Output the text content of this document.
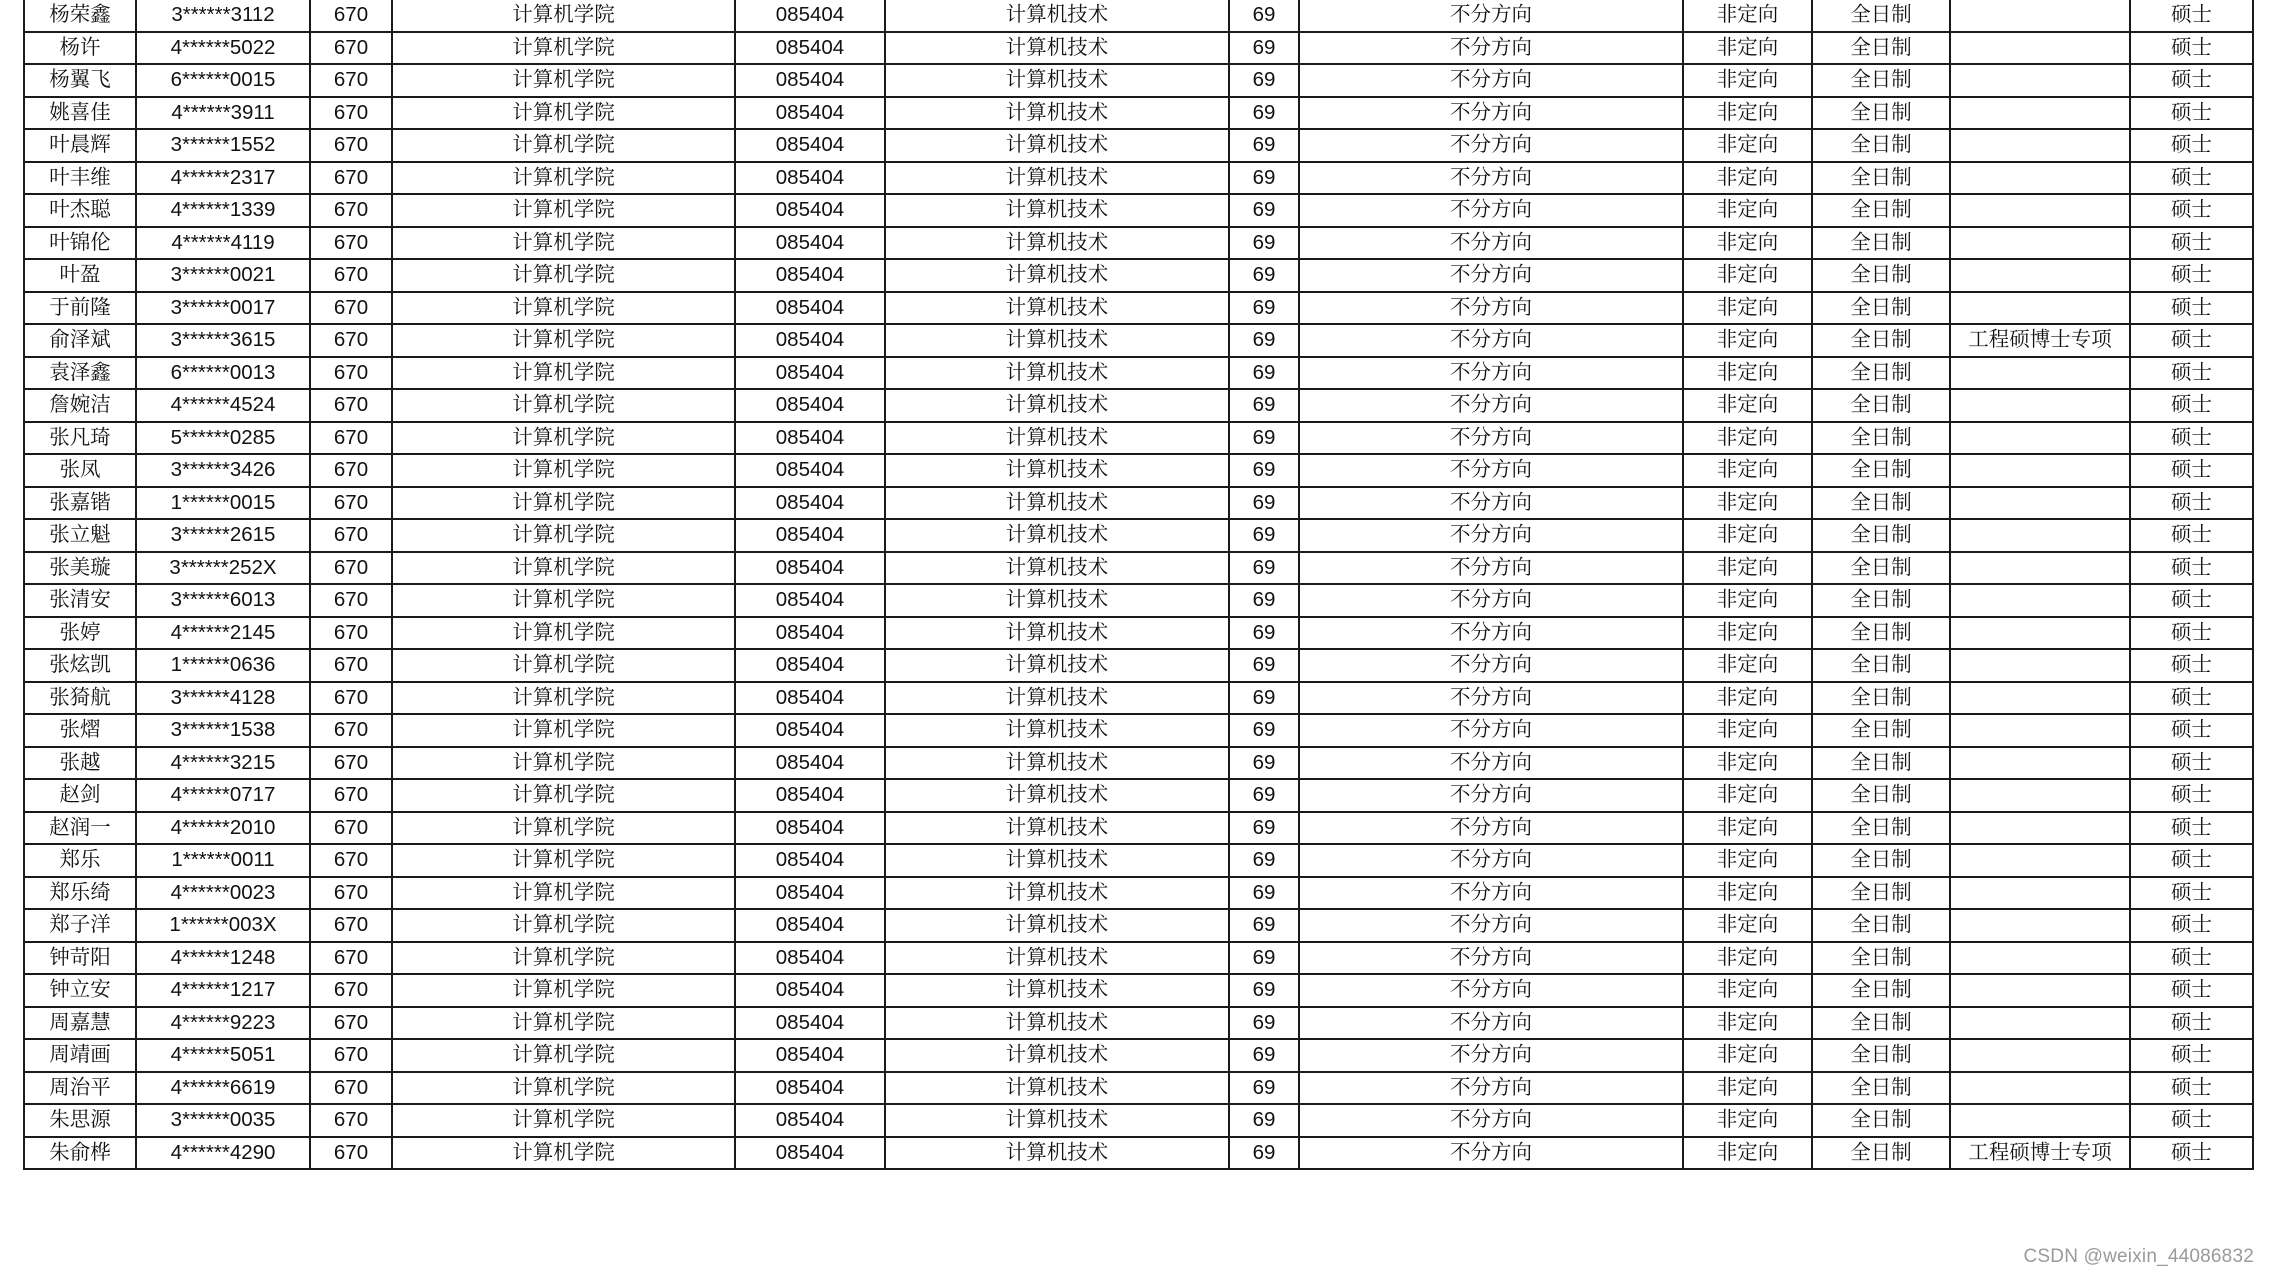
杨荣鑫	3******3112	670	计算机学院	085404	计算机技术	69	不分方向	非定向	全日制		硕士
杨许	4******5022	670	计算机学院	085404	计算机技术	69	不分方向	非定向	全日制		硕士
杨翼飞	6******0015	670	计算机学院	085404	计算机技术	69	不分方向	非定向	全日制		硕士
姚喜佳	4******3911	670	计算机学院	085404	计算机技术	69	不分方向	非定向	全日制		硕士
叶晨辉	3******1552	670	计算机学院	085404	计算机技术	69	不分方向	非定向	全日制		硕士
叶丰维	4******2317	670	计算机学院	085404	计算机技术	69	不分方向	非定向	全日制		硕士
叶杰聪	4******1339	670	计算机学院	085404	计算机技术	69	不分方向	非定向	全日制		硕士
叶锦伦	4******4119	670	计算机学院	085404	计算机技术	69	不分方向	非定向	全日制		硕士
叶盈	3******0021	670	计算机学院	085404	计算机技术	69	不分方向	非定向	全日制		硕士
于前隆	3******0017	670	计算机学院	085404	计算机技术	69	不分方向	非定向	全日制		硕士
俞泽斌	3******3615	670	计算机学院	085404	计算机技术	69	不分方向	非定向	全日制	工程硕博士专项	硕士
袁泽鑫	6******0013	670	计算机学院	085404	计算机技术	69	不分方向	非定向	全日制		硕士
詹婉洁	4******4524	670	计算机学院	085404	计算机技术	69	不分方向	非定向	全日制		硕士
张凡琦	5******0285	670	计算机学院	085404	计算机技术	69	不分方向	非定向	全日制		硕士
张凤	3******3426	670	计算机学院	085404	计算机技术	69	不分方向	非定向	全日制		硕士
张嘉锴	1******0015	670	计算机学院	085404	计算机技术	69	不分方向	非定向	全日制		硕士
张立魁	3******2615	670	计算机学院	085404	计算机技术	69	不分方向	非定向	全日制		硕士
张美璇	3******252X	670	计算机学院	085404	计算机技术	69	不分方向	非定向	全日制		硕士
张清安	3******6013	670	计算机学院	085404	计算机技术	69	不分方向	非定向	全日制		硕士
张婷	4******2145	670	计算机学院	085404	计算机技术	69	不分方向	非定向	全日制		硕士
张炫凯	1******0636	670	计算机学院	085404	计算机技术	69	不分方向	非定向	全日制		硕士
张猗航	3******4128	670	计算机学院	085404	计算机技术	69	不分方向	非定向	全日制		硕士
张熠	3******1538	670	计算机学院	085404	计算机技术	69	不分方向	非定向	全日制		硕士
张越	4******3215	670	计算机学院	085404	计算机技术	69	不分方向	非定向	全日制		硕士
赵剑	4******0717	670	计算机学院	085404	计算机技术	69	不分方向	非定向	全日制		硕士
赵润一	4******2010	670	计算机学院	085404	计算机技术	69	不分方向	非定向	全日制		硕士
郑乐	1******0011	670	计算机学院	085404	计算机技术	69	不分方向	非定向	全日制		硕士
郑乐绮	4******0023	670	计算机学院	085404	计算机技术	69	不分方向	非定向	全日制		硕士
郑子洋	1******003X	670	计算机学院	085404	计算机技术	69	不分方向	非定向	全日制		硕士
钟苛阳	4******1248	670	计算机学院	085404	计算机技术	69	不分方向	非定向	全日制		硕士
钟立安	4******1217	670	计算机学院	085404	计算机技术	69	不分方向	非定向	全日制		硕士
周嘉慧	4******9223	670	计算机学院	085404	计算机技术	69	不分方向	非定向	全日制		硕士
周靖画	4******5051	670	计算机学院	085404	计算机技术	69	不分方向	非定向	全日制		硕士
周治平	4******6619	670	计算机学院	085404	计算机技术	69	不分方向	非定向	全日制		硕士
朱思源	3******0035	670	计算机学院	085404	计算机技术	69	不分方向	非定向	全日制		硕士
朱俞桦	4******4290	670	计算机学院	085404	计算机技术	69	不分方向	非定向	全日制	工程硕博士专项	硕士
CSDN @weixin_44086832
